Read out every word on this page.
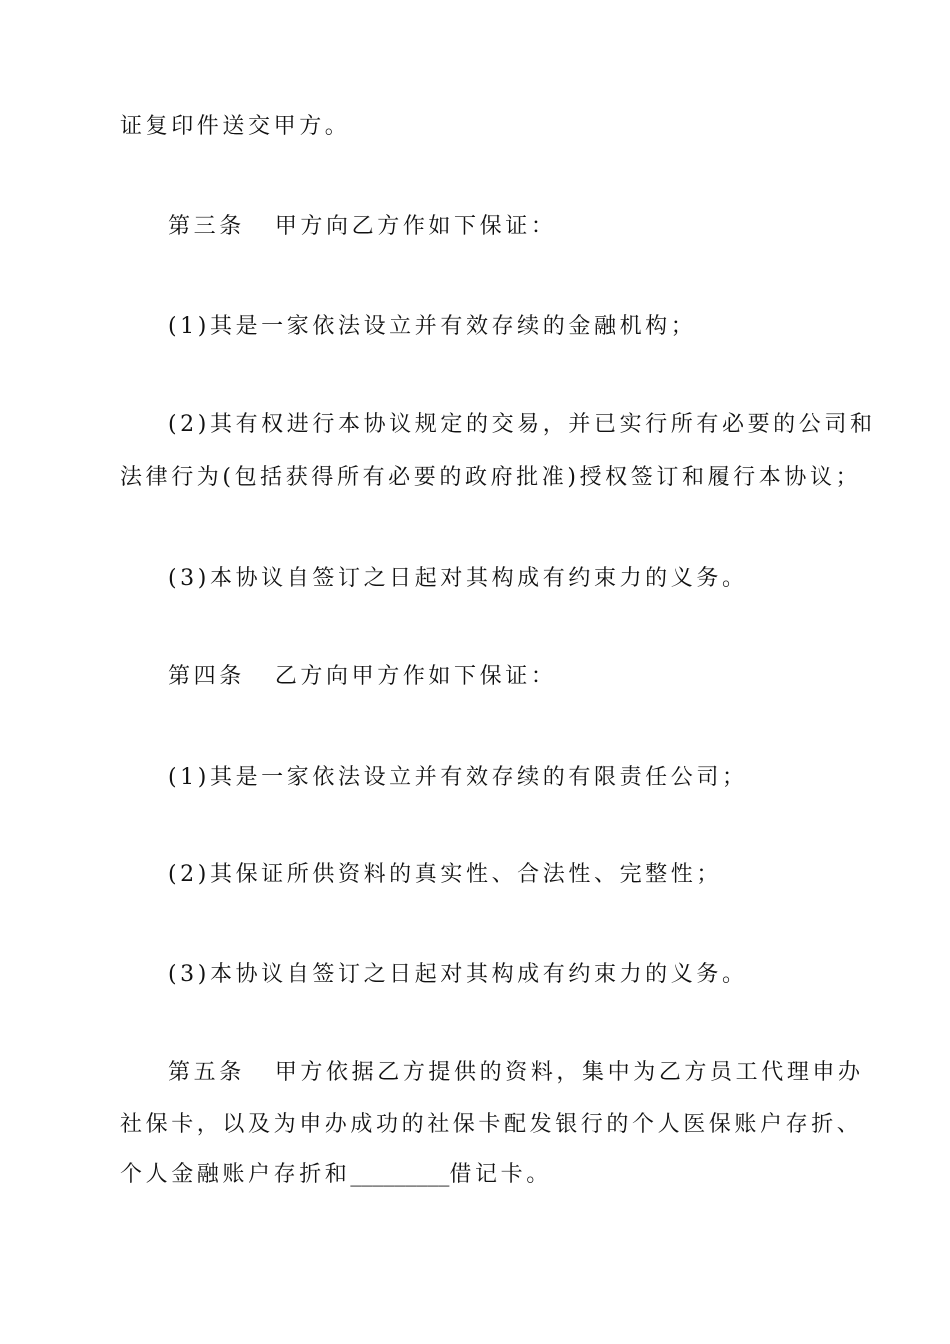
证复印件送交甲方。
第三条 甲方向乙方作如下保证：
(1)其是一家依法设立并有效存续的金融机构；
(2)其有权进行本协议规定的交易，并已实行所有必要的公司和
法律行为(包括获得所有必要的政府批准)授权签订和履行本协议；
(3)本协议自签订之日起对其构成有约束力的义务。
第四条 乙方向甲方作如下保证：
(1)其是一家依法设立并有效存续的有限责任公司；
(2)其保证所供资料的真实性、合法性、完整性；
(3)本协议自签订之日起对其构成有约束力的义务。
第五条 甲方依据乙方提供的资料，集中为乙方员工代理申办
社保卡，以及为申办成功的社保卡配发银行的个人医保账户存折、
个人金融账户存折和_________借记卡。
